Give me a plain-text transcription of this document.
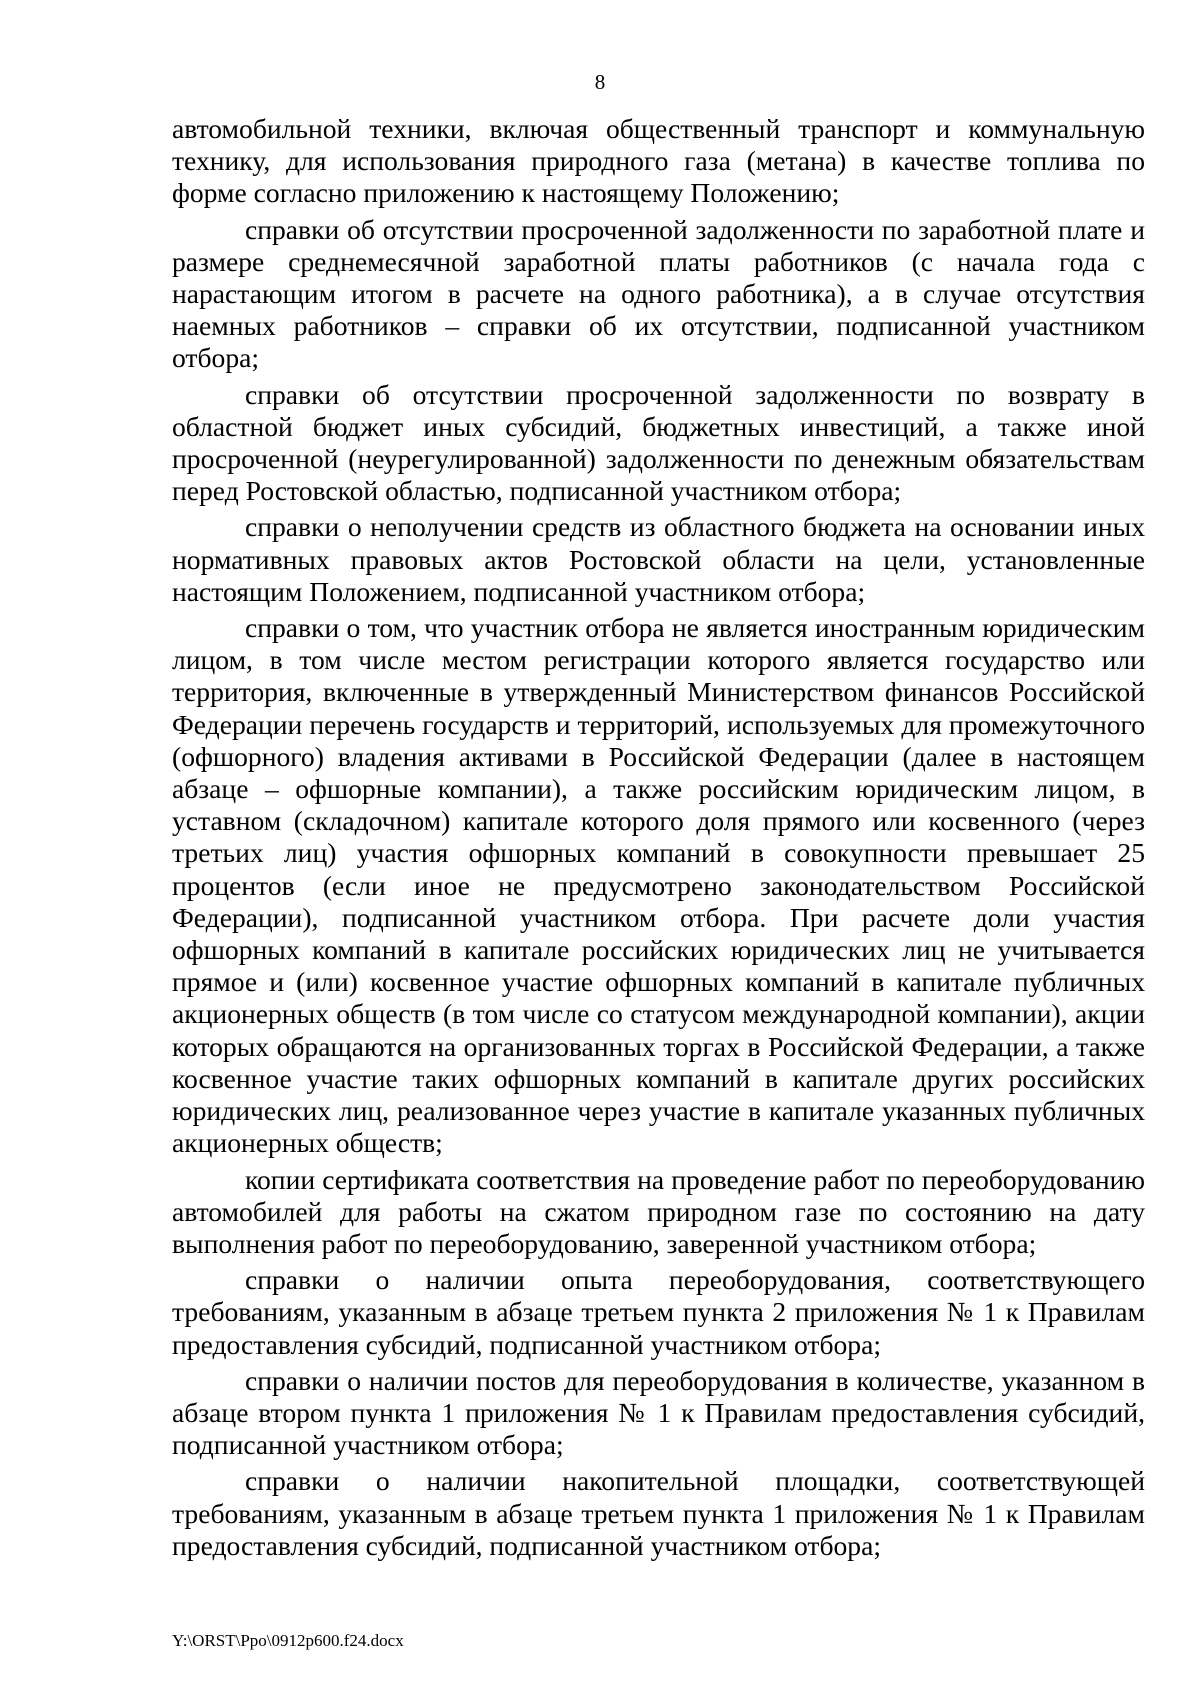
8

автомобильной техники, включая общественный транспорт и коммунальную технику, для использования природного газа (метана) в качестве топлива по форме согласно приложению к настоящему Положению;

справки об отсутствии просроченной задолженности по заработной плате и размере среднемесячной заработной платы работников (с начала года с нарастающим итогом в расчете на одного работника), а в случае отсутствия наемных работников – справки об их отсутствии, подписанной участником отбора;

справки об отсутствии просроченной задолженности по возврату в областной бюджет иных субсидий, бюджетных инвестиций, а также иной просроченной (неурегулированной) задолженности по денежным обязательствам перед Ростовской областью, подписанной участником отбора;

справки о неполучении средств из областного бюджета на основании иных нормативных правовых актов Ростовской области на цели, установленные настоящим Положением, подписанной участником отбора;

справки о том, что участник отбора не является иностранным юридическим лицом, в том числе местом регистрации которого является государство или территория, включенные в утвержденный Министерством финансов Российской Федерации перечень государств и территорий, используемых для промежуточного (офшорного) владения активами в Российской Федерации (далее в настоящем абзаце – офшорные компании), а также российским юридическим лицом, в уставном (складочном) капитале которого доля прямого или косвенного (через третьих лиц) участия офшорных компаний в совокупности превышает 25 процентов (если иное не предусмотрено законодательством Российской Федерации), подписанной участником отбора. При расчете доли участия офшорных компаний в капитале российских юридических лиц не учитывается прямое и (или) косвенное участие офшорных компаний в капитале публичных акционерных обществ (в том числе со статусом международной компании), акции которых обращаются на организованных торгах в Российской Федерации, а также косвенное участие таких офшорных компаний в капитале других российских юридических лиц, реализованное через участие в капитале указанных публичных акционерных обществ;

копии сертификата соответствия на проведение работ по переоборудованию автомобилей для работы на сжатом природном газе по состоянию на дату выполнения работ по переоборудованию, заверенной участником отбора;

справки о наличии опыта переоборудования, соответствующего требованиям, указанным в абзаце третьем пункта 2 приложения № 1 к Правилам предоставления субсидий, подписанной участником отбора;

справки о наличии постов для переоборудования в количестве, указанном в абзаце втором пункта 1 приложения № 1 к Правилам предоставления субсидий, подписанной участником отбора;

справки о наличии накопительной площадки, соответствующей требованиям, указанным в абзаце третьем пункта 1 приложения № 1 к Правилам предоставления субсидий, подписанной участником отбора;

Y:\ORST\Ppo\0912p600.f24.docx
